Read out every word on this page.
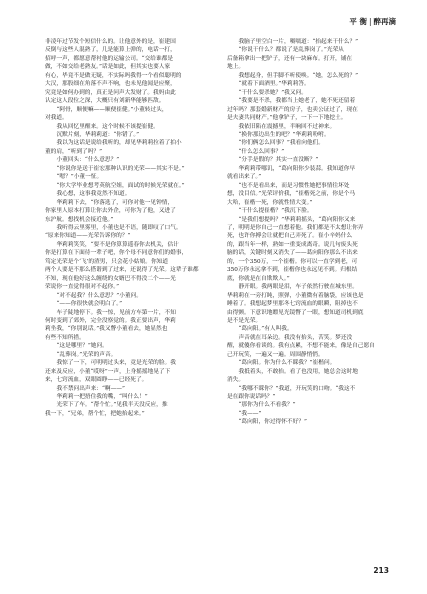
平 衡 | 醉再滴

非凌年过节发个短信什么的。让他意外的是，崔建国

反倒与这些人混熟了，几是能算上弹的，电话一打，

招呼一声，都愿意帮衬他的运输公司。“交给谁都是

做，不如交给老熟友。”话是如此，但其实也要人家

有心，毕竟不是做无疑，不实际吗我得一个看似聪明的

大汉，那股细在角落不声不响，也未见他闻是应聚，

究竟是如何办到的，真正是问声大发财了。我妈由此

认定这人段位之深，大概只有刘新华能够匹敌。

“阿骨，顺便嘛——顺便崔健。”小董转过头，

对我道。

我从回忆里醒来。这个时候不该提崔健。

沉默片刻，华莉莉道：“你错了。”

我以为这话是说给我听的，却见华莉莉拉着了拍小

董的肩，“听到了吗？”

小董回头：“什么意思？”

“你说你是送于崔宏那种认识的光荣——其实不是。”

“嗯？”小董一怔。

“你大学毕业想考英航空姐，面试的时候光荣就在。”

我心想，这事我竟然不知道。

华莉莉下去，“你落选了，可你对他一见钟情，

你家里人原本打算让你去外企，可你为了他，又进了

东沪航。想找机会接近他。”

我听得云里雾里，小董也是不语，随即叹了口气。

“原来你知道——光荣告诉你的？”

华莉莉笑笑，“要不是你算算遥春你去机关，估计

你是打算在下面待一辈子吧，你个母不同意你们的婚事，

笃定光荣是个‘飞’的渣男，只会花小姑娘。你知道

两个人要是不那么搭谐到了过来，还说得了光荣。这辈子谁都

不知，现在他好这么缠绕的女婿巴不得没二个——光

荣说你一直觉得很对不起你。”

“对不起我？什么意思？”小董问。

“——你很快就会明白了。”

车子陡地停下。我一惊，见前方车第一片，不知

何时变到了郊外，完全没察觉的。我正要出声，华莉

莉坐我，“你别说话。”我又瞥小董看去，她显然也

有些不知所措。

“这是哪里？”她问。

“乱葬岗。”光荣的声音。

我惊了一下，可明明过头来，竟是光荣的脸。我

还来及反应，小董“哎呀”一声，上身摇摇地晃了下

来，七窍流血，双眼圆睁——已经死了。

我不禁问出声来：“啊——”

华莉莉一把捂住我的嘴，“叫什么！”

光荣下了车。“帮个忙。”见我半天没反应，推

我一下，“兄弟，帮个忙，把她抬起来。”

我脑子里空白一片，嗫嚅道：“抬起来干什么？”

“你说干什么？都说了是乱葬岗了。”光荣从

后备箱拿出一把铲子，还有一块麻布。打开，铺在

地上。

我想起身，但手脚不听使唤。“她，怎么死的？”

“就着下面酒里。”华莉莉答。

“干什么要杀她？”我又问。

“我要是不杀，我都当上她老了，她不死还留着

过年吗？那套婚新财产的房子，也卖公证过了，现在

是夫妻共同财产。”他拿铲子，一下一下地挖土。

我依旧陷在震撼里，半晌回不过神来。

“换你那边出生的吧？”华莉莉吩咐。

“你们俩怎么回事？”我看向他们。

“什么怎么回事？”

“分手是假的？其实一直没断？”

华莉莉带哪讥，“葛向阳你少装蒜。我知道你早

就看出来了。”

“也不是看出来，而是习惯性她把事情往坏处

想，没目信。”光荣评价我，“崔楷死之前，你是个马

大哈，崔楷一死，你就性情大变。”

“干什么提崔楷？”我沉下脸。

“是我们想提吗？”华莉莉摇头，“葛向阳你又来

了，明明是你自己一直想着他。我们都是不太想让你弄

死，也许你搏会让就把自己弄死了。崔小辛妈什么

的，跟当年一样，熟如一重变成离奇。说几句废头死

脑的话，关键时刻又消失了——葛向阳你那么不出来

的，一个350万，一个崔楷。你可以一直学到老，可

350万你永远拿不到，崔楷你也永远见不到。归根结

底，你就是在自欺欺人。”

静开眼。我两眼是泪，车子依然行驶在城东里。

华莉莉在一旁打盹，照弹，小董微有着脑袋，应该也是

睡着了。我想起梦里那冬七窍流血的眼瞬，阻掉也不

由得颤。下意识地瞟见光镜瞥了一眼，想知道司机到底

是不是光荣。

“葛向阳。”有人叫我。

声音就在耳朵边。我没有抬头，苦笑。梦还没

醒，就傻你看谈的。我有点累，不想不能来，像是自己愿自

己开玩笑，一遍又一遍。周围静悄悄。

“葛向阳。你为什么不睬我？”崔楷问。

我抵着头，不敢抬。看了也没用，她总会这时地

消失。

“我哪不睬你？”我道，开玩笑的口吻。“我这不

是在跟你说话吗？”

“那你为什么不看我？”

“我——”

“葛向阳，你过得怀不好？”

213
